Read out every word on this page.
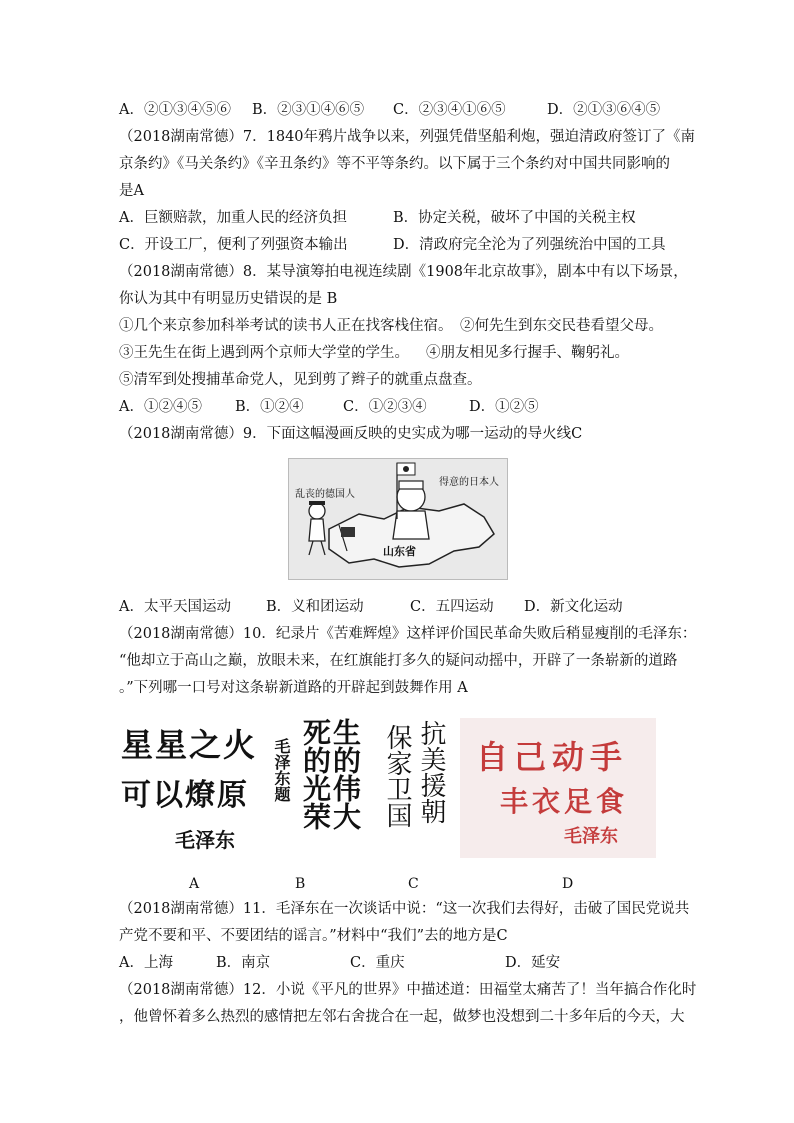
A．②①③④⑤⑥ B．②③①④⑥⑤ C．②③④①⑥⑤	D．②①③⑥④⑤
（2018湖南常德）7．1840年鸦片战争以来，列强凭借坚船利炮，强迫清政府签订了《南
京条约》《马关条约》《辛丑条约》等不平等条约。以下属于三个条约对中国共同影响的
是A
A．巨额赔款，加重人民的经济负担	B．协定关税，破坏了中国的关税主权
C．开设工厂，便利了列强资本输出	D．清政府完全沦为了列强统治中国的工具
（2018湖南常德）8．某导演筹拍电视连续剧《1908年北京故事》，剧本中有以下场景，
你认为其中有明显历史错误的是 B
①几个来京参加科举考试的读书人正在找客栈住宿。 ②何先生到东交民巷看望父母。
③王先生在街上遇到两个京师大学堂的学生。 ④朋友相见多行握手、鞠躬礼。
⑤清军到处搜捕革命党人，见到剪了辫子的就重点盘查。
A．①②④⑤ B．①②④	C．①②③④	D．①②⑤
（2018湖南常德）9．下面这幅漫画反映的史实成为哪一运动的导火线C
乱丧的德国人
得意的日本人
山东省
A．太平天国运动 B．义和团运动	C．五四运动 D．新文化运动
（2018湖南常德）10．纪录片《苦难辉煌》这样评价国民革命失败后稍显瘦削的毛泽东：
“他却立于高山之巅，放眼未来，在红旗能打多久的疑问动摇中，开辟了一条崭新的道路
。”下列哪一口号对这条崭新道路的开辟起到鼓舞作用 A
星星之火
可以燎原
毛泽东
生的伟大
死的光荣
毛泽东题	抗美援朝
保家卫国 自己动手
丰衣足食
毛泽东
A	B	C	D
（2018湖南常德）11．毛泽东在一次谈话中说：“这一次我们去得好，击破了国民党说共
产党不要和平、不要团结的谣言。”材料中“我们”去的地方是C
A．上海	B．南京	C．重庆	D．延安
（2018湖南常德）12．小说《平凡的世界》中描述道：田福堂太痛苦了！当年搞合作化时
，他曾怀着多么热烈的感情把左邻右舍拢合在一起，做梦也没想到二十多年后的今天，大
